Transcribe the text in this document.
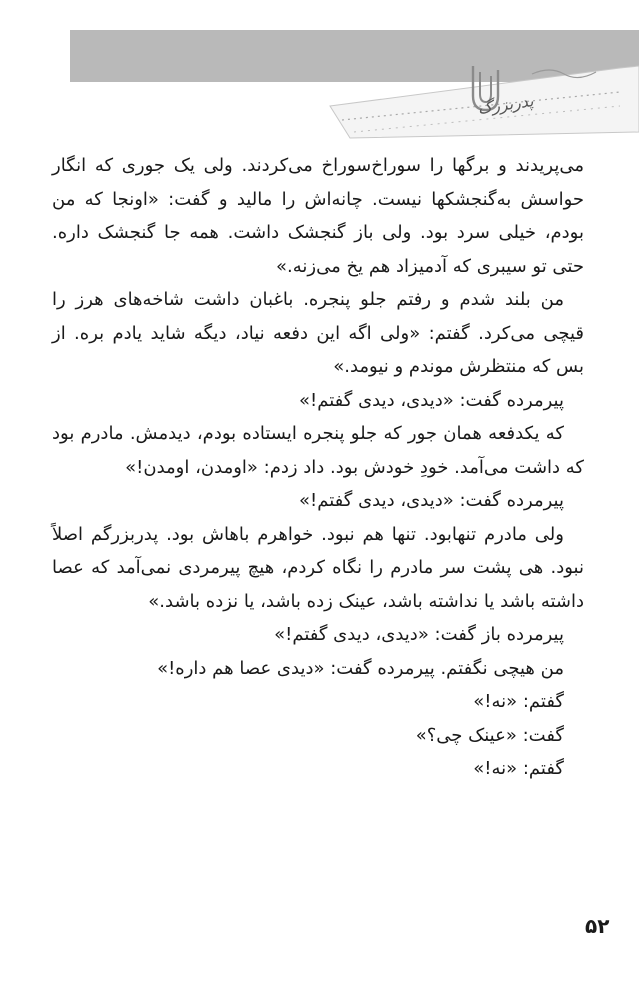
پدربزرگ

می‌پریدند و برگها را سوراخ‌سوراخ می‌کردند. ولی یک جوری که انگار حواسش به‌گنجشکها نیست. چانه‌اش را مالید و گفت: «اونجا که من بودم، خیلی سرد بود. ولی باز گنجشک داشت. همه جا گنجشک داره. حتی تو سیبری که آدمیزاد هم یخ می‌زنه.»

من بلند شدم و رفتم جلو پنجره. باغبان داشت شاخه‌های هرز را قیچی می‌کرد. گفتم: «ولی اگه این دفعه نیاد، دیگه شاید یادم بره. از بس که منتظرش موندم و نیومد.»

پیرمرده گفت: «دیدی، دیدی گفتم!»

که یکدفعه همان جور که جلو پنجره ایستاده بودم، دیدمش. مادرم بود که داشت می‌آمد. خودِ خودش بود. داد زدم: «اومدن، اومدن!»

پیرمرده گفت: «دیدی، دیدی گفتم!»

ولی مادرم تنهابود. تنها هم نبود. خواهرم باهاش بود. پدربزرگم اصلاً نبود. هی پشت سر مادرم را نگاه کردم، هیچ پیرمردی نمی‌آمد که عصا داشته باشد یا نداشته باشد، عینک زده باشد، یا نزده باشد.»

پیرمرده باز گفت: «دیدی، دیدی گفتم!»

من هیچی نگفتم. پیرمرده گفت: «دیدی عصا هم داره!»

گفتم: «نه!»

گفت: «عینک چی؟»

گفتم: «نه!»

۵۲
